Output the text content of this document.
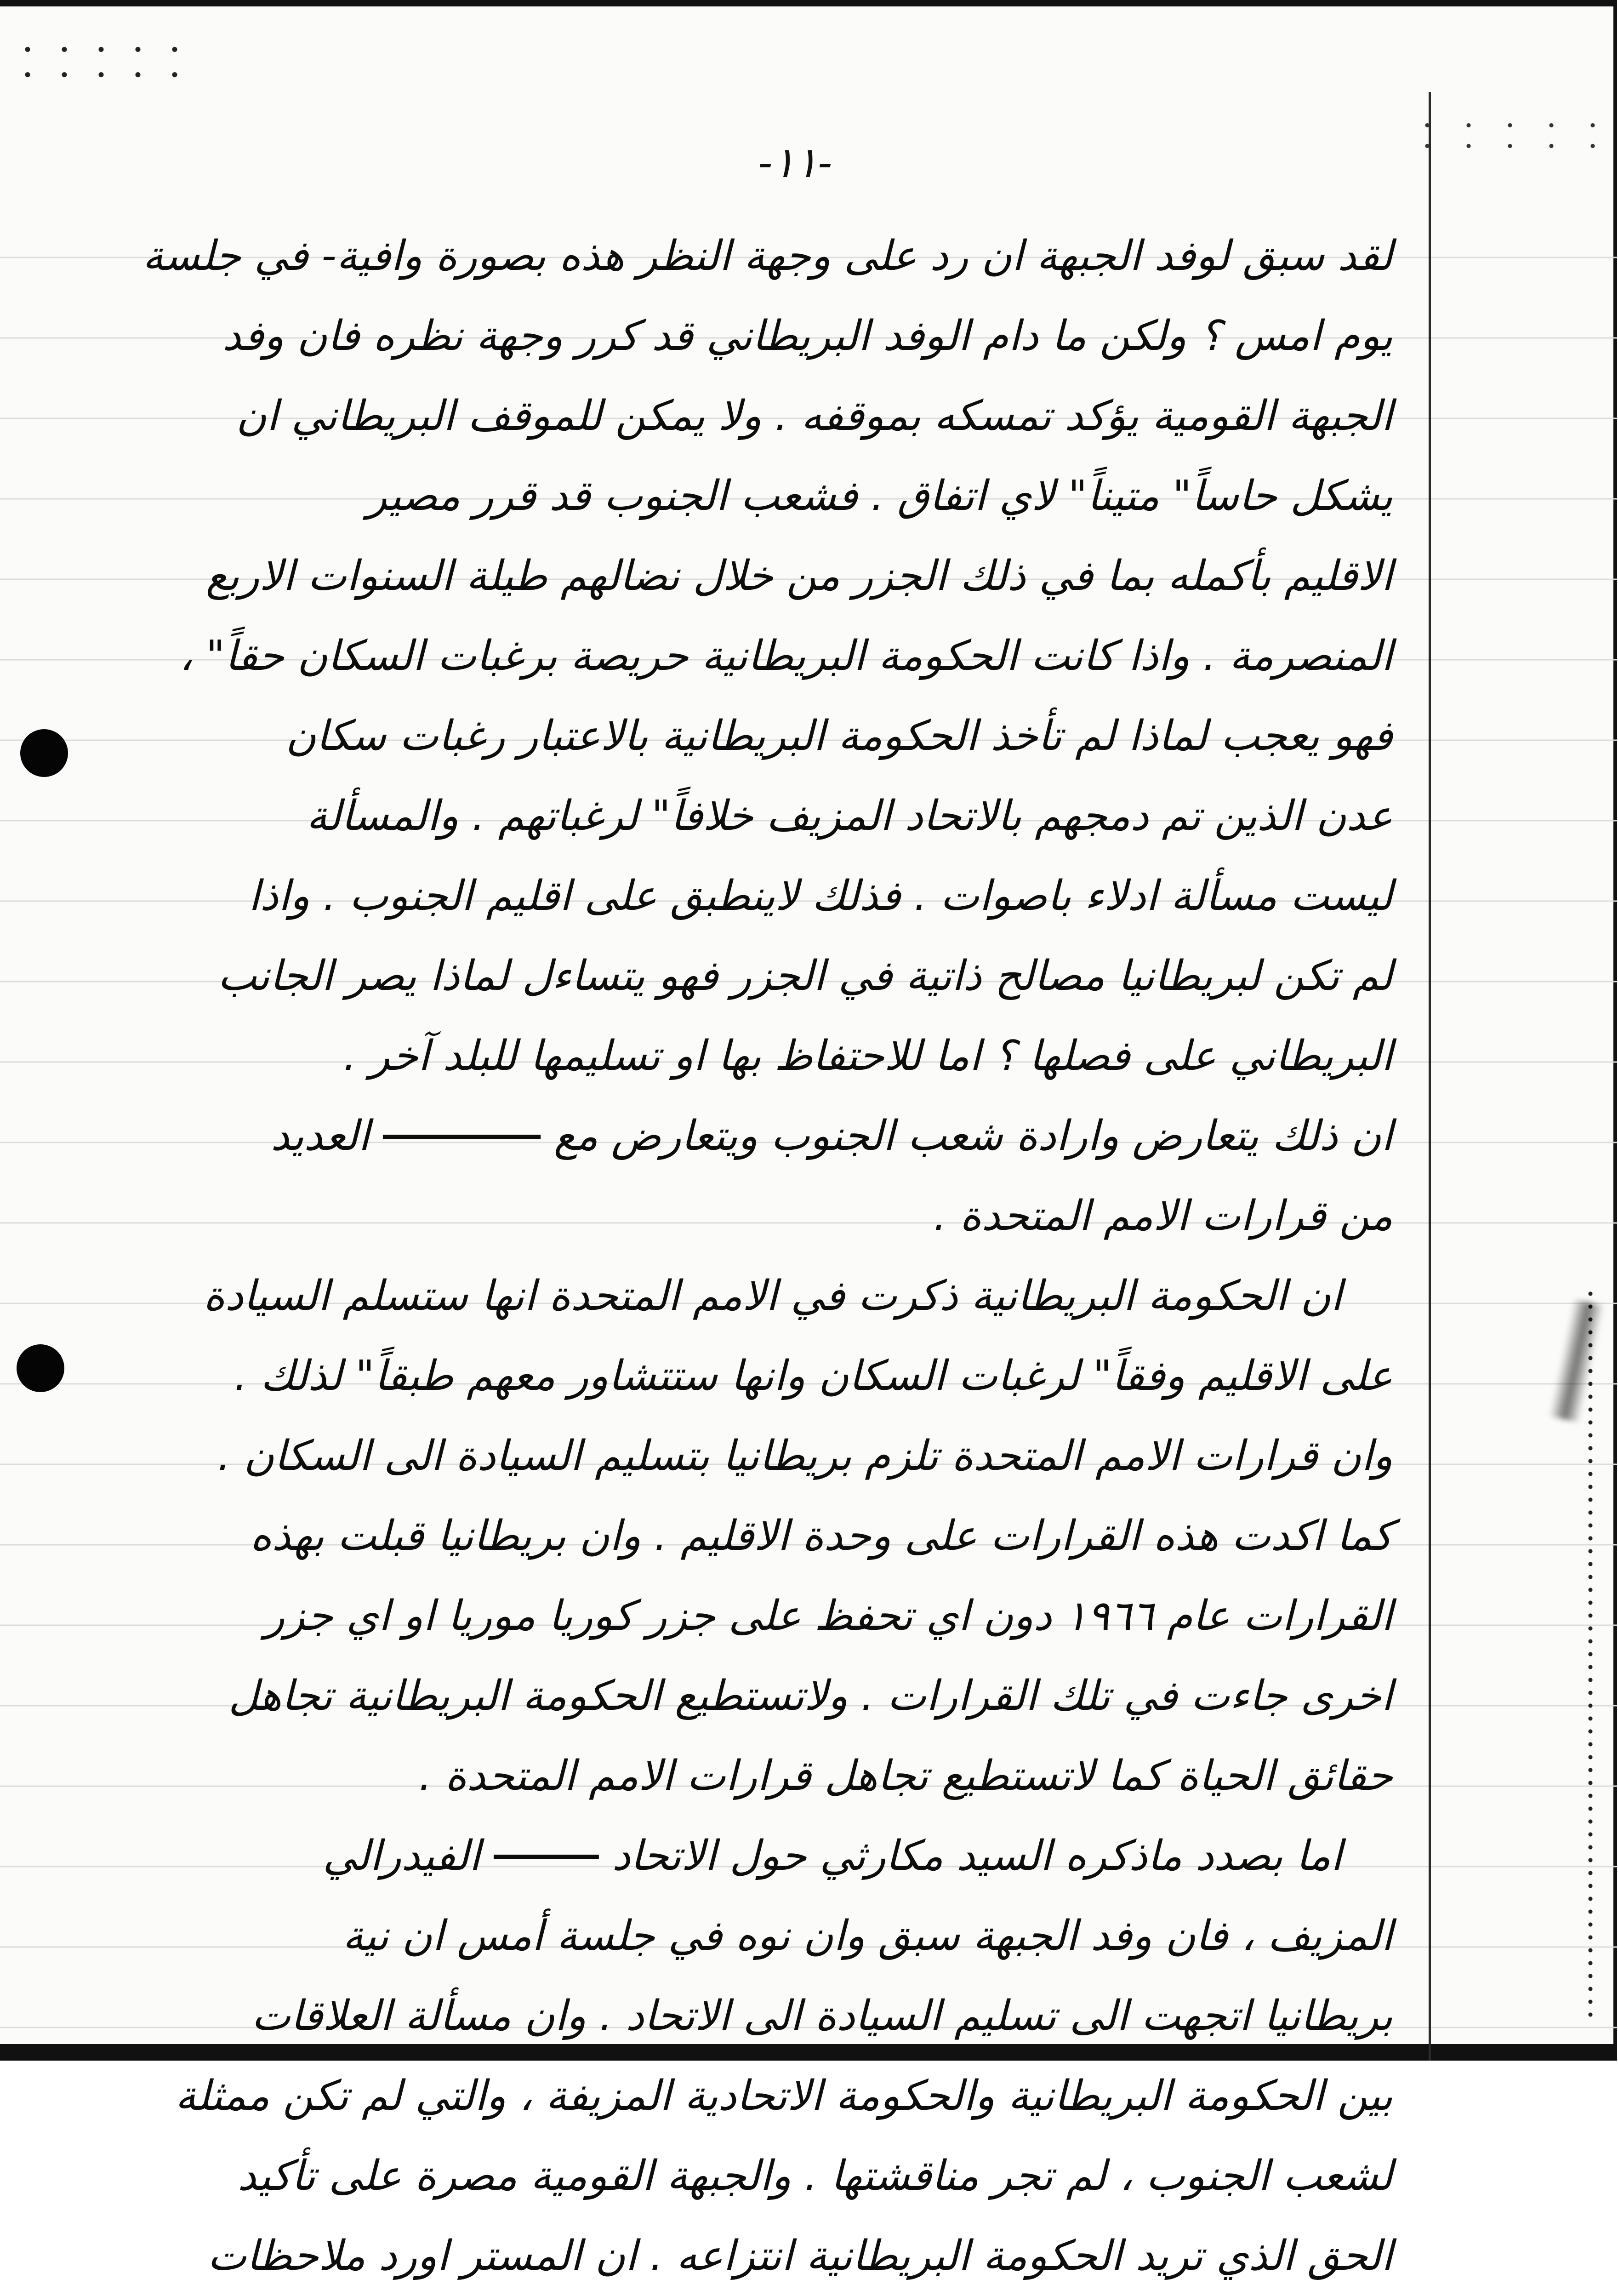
-١١-
لقد سبق لوفد الجبهة ان رد على وجهة النظر هذه بصورة وافية- في جلسة
يوم امس ؟ ولكن ما دام الوفد البريطاني قد كرر وجهة نظره فان وفد
الجبهة القومية يؤكد تمسكه بموقفه . ولا يمكن للموقف البريطاني ان
يشكل حاساً" متيناً" لاي اتفاق . فشعب الجنوب قد قرر مصير
الاقليم بأكمله بما في ذلك الجزر من خلال نضالهم طيلة السنوات الاربع
المنصرمة . واذا كانت الحكومة البريطانية حريصة برغبات السكان حقاً" ،
فهو يعجب لماذا لم تأخذ الحكومة البريطانية بالاعتبار رغبات سكان
عدن الذين تم دمجهم بالاتحاد المزيف خلافاً" لرغباتهم . والمسألة
ليست مسألة ادلاء باصوات . فذلك لاينطبق على اقليم الجنوب . واذا
لم تكن لبريطانيا مصالح ذاتية في الجزر فهو يتساءل لماذا يصر الجانب
البريطاني على فصلها ؟ اما للاحتفاظ بها او تسليمها للبلد آخر .
ان ذلك يتعارض وارادة شعب الجنوب ويتعارض مع              العديد
من قرارات الامم المتحدة .
ان الحكومة البريطانية ذكرت في الامم المتحدة انها ستسلم السيادة
على الاقليم وفقاً" لرغبات السكان وانها ستتشاور معهم طبقاً" لذلك .
وان قرارات الامم المتحدة تلزم بريطانيا بتسليم السيادة الى السكان .
كما اكدت هذه القرارات على وحدة الاقليم . وان بريطانيا قبلت بهذه
القرارات عام ١٩٦٦ دون اي تحفظ على جزر كوريا موريا او اي جزر
اخرى جاءت في تلك القرارات . ولاتستطيع الحكومة البريطانية تجاهل
حقائق الحياة كما لاتستطيع تجاهل قرارات الامم المتحدة .
اما بصدد ماذكره السيد مكارثي حول الاتحاد          الفيدرالي
المزيف ، فان وفد الجبهة سبق وان نوه في جلسة أمس ان نية
بريطانيا اتجهت الى تسليم السيادة الى الاتحاد . وان مسألة العلاقات
بين الحكومة البريطانية والحكومة الاتحادية المزيفة ، والتي لم تكن ممثلة
لشعب الجنوب ، لم تجر مناقشتها . والجبهة القومية مصرة على تأكيد
الحق الذي تريد الحكومة البريطانية انتزاعه . ان المستر اورد ملاحظات
